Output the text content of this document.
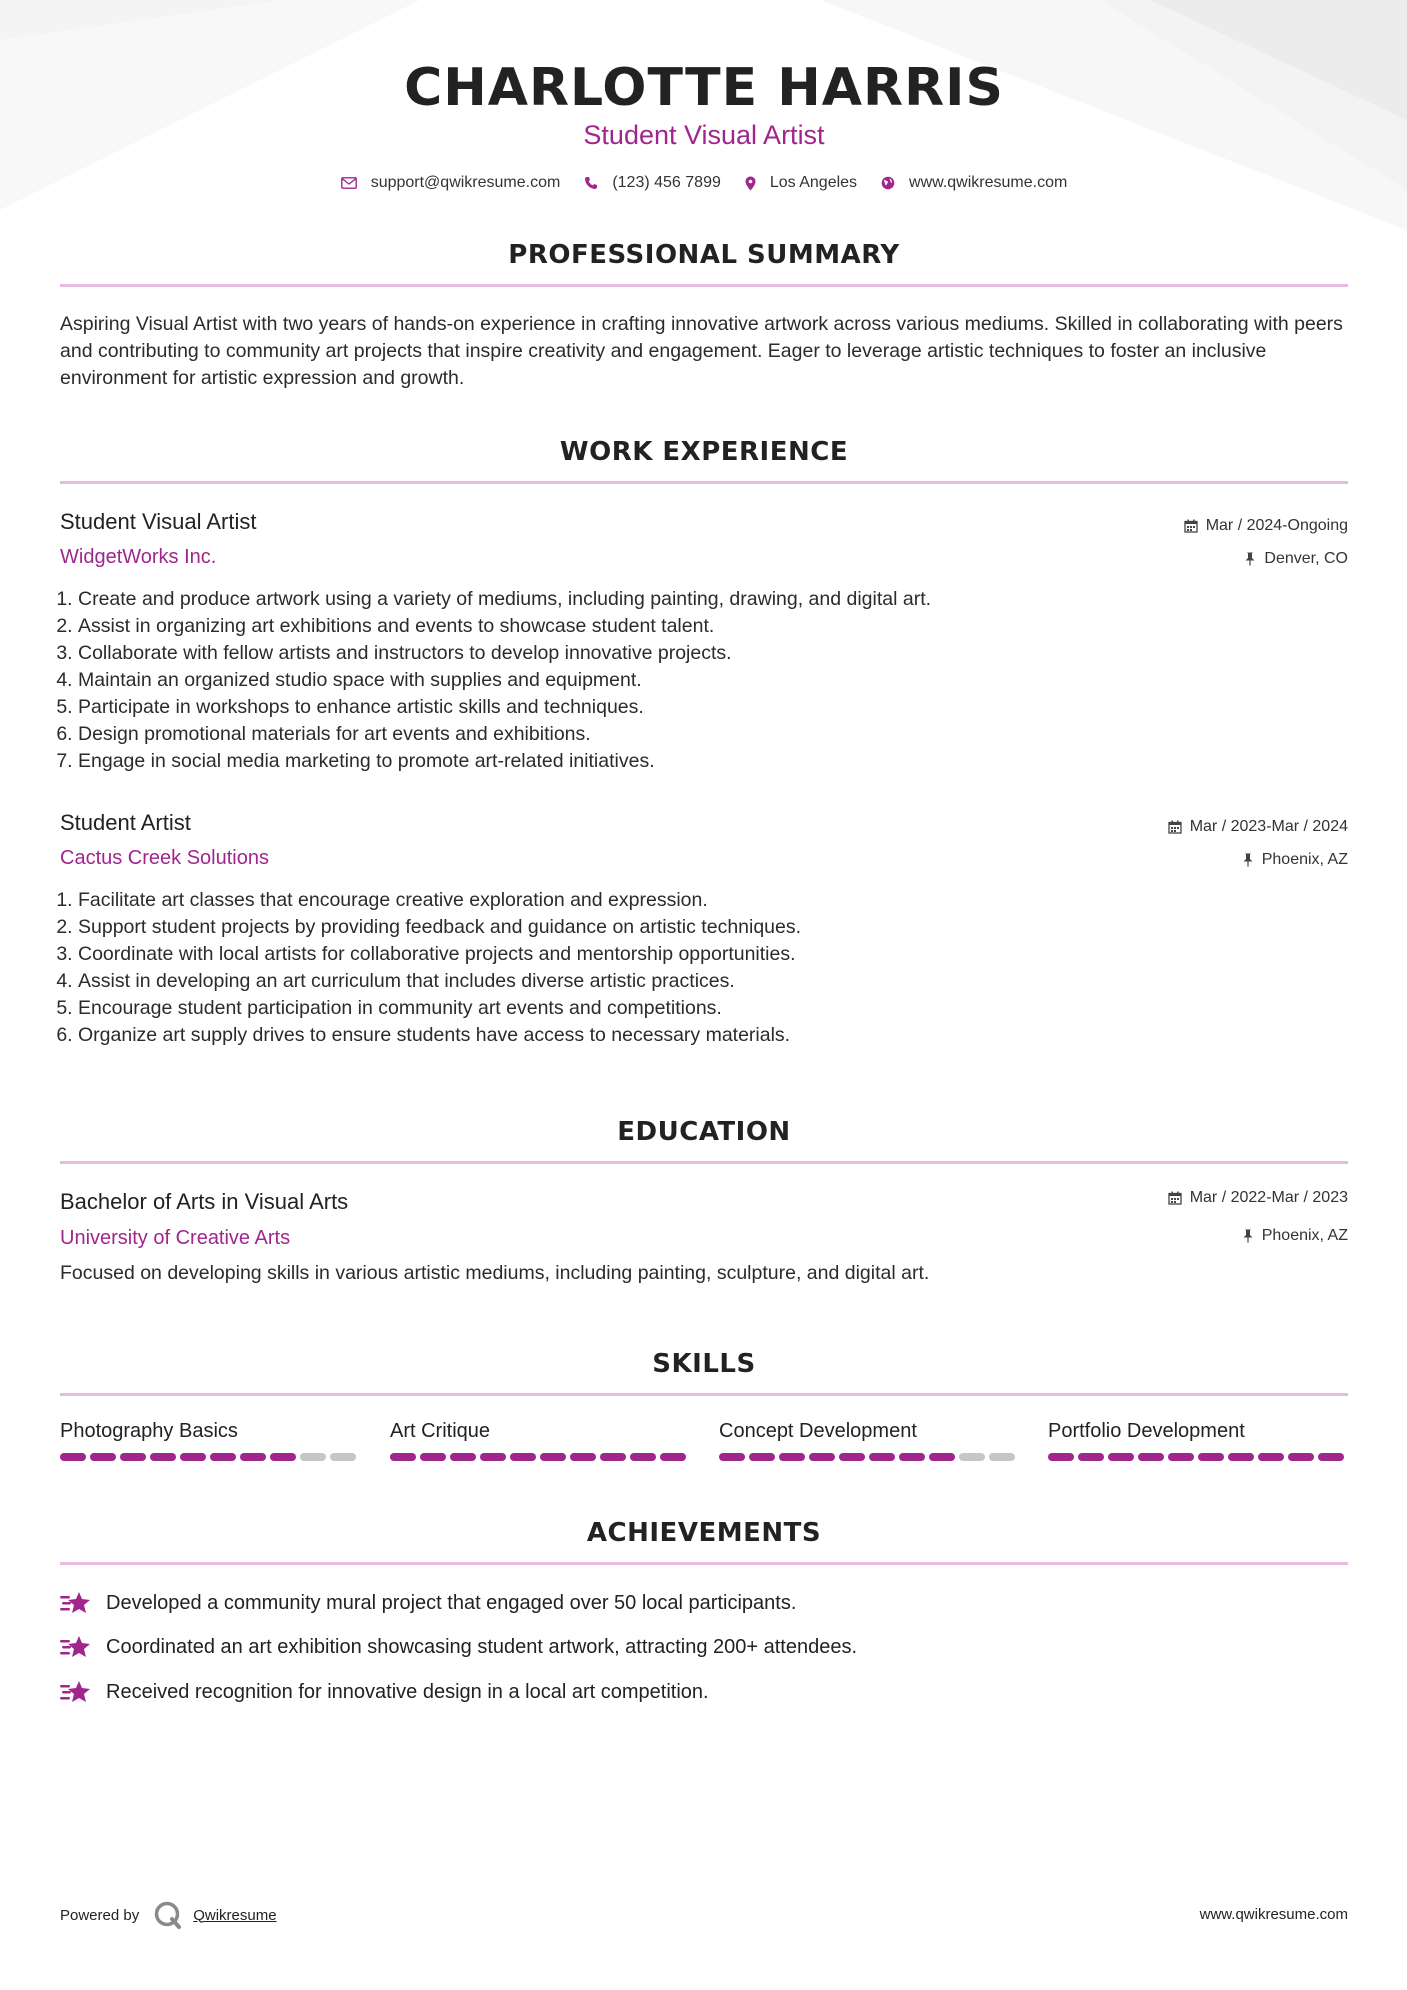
CHARLOTTE HARRIS
Student Visual Artist
support@qwikresume.com	(123) 456 7899	Los Angeles	www.qwikresume.com
PROFESSIONAL SUMMARY
Aspiring Visual Artist with two years of hands-on experience in crafting innovative artwork across various mediums. Skilled in collaborating with peers and contributing to community art projects that inspire creativity and engagement. Eager to leverage artistic techniques to foster an inclusive environment for artistic expression and growth.
WORK EXPERIENCE
Student Visual Artist
WidgetWorks Inc.
Mar / 2024-Ongoing
Denver, CO
1. Create and produce artwork using a variety of mediums, including painting, drawing, and digital art.
2. Assist in organizing art exhibitions and events to showcase student talent.
3. Collaborate with fellow artists and instructors to develop innovative projects.
4. Maintain an organized studio space with supplies and equipment.
5. Participate in workshops to enhance artistic skills and techniques.
6. Design promotional materials for art events and exhibitions.
7. Engage in social media marketing to promote art-related initiatives.
Student Artist
Cactus Creek Solutions
Mar / 2023-Mar / 2024
Phoenix, AZ
1. Facilitate art classes that encourage creative exploration and expression.
2. Support student projects by providing feedback and guidance on artistic techniques.
3. Coordinate with local artists for collaborative projects and mentorship opportunities.
4. Assist in developing an art curriculum that includes diverse artistic practices.
5. Encourage student participation in community art events and competitions.
6. Organize art supply drives to ensure students have access to necessary materials.
EDUCATION
Bachelor of Arts in Visual Arts
University of Creative Arts
Mar / 2022-Mar / 2023
Phoenix, AZ
Focused on developing skills in various artistic mediums, including painting, sculpture, and digital art.
SKILLS
Photography Basics	Art Critique	Concept Development	Portfolio Development
ACHIEVEMENTS
Developed a community mural project that engaged over 50 local participants.
Coordinated an art exhibition showcasing student artwork, attracting 200+ attendees.
Received recognition for innovative design in a local art competition.
Powered by	Qwikresume	www.qwikresume.com
